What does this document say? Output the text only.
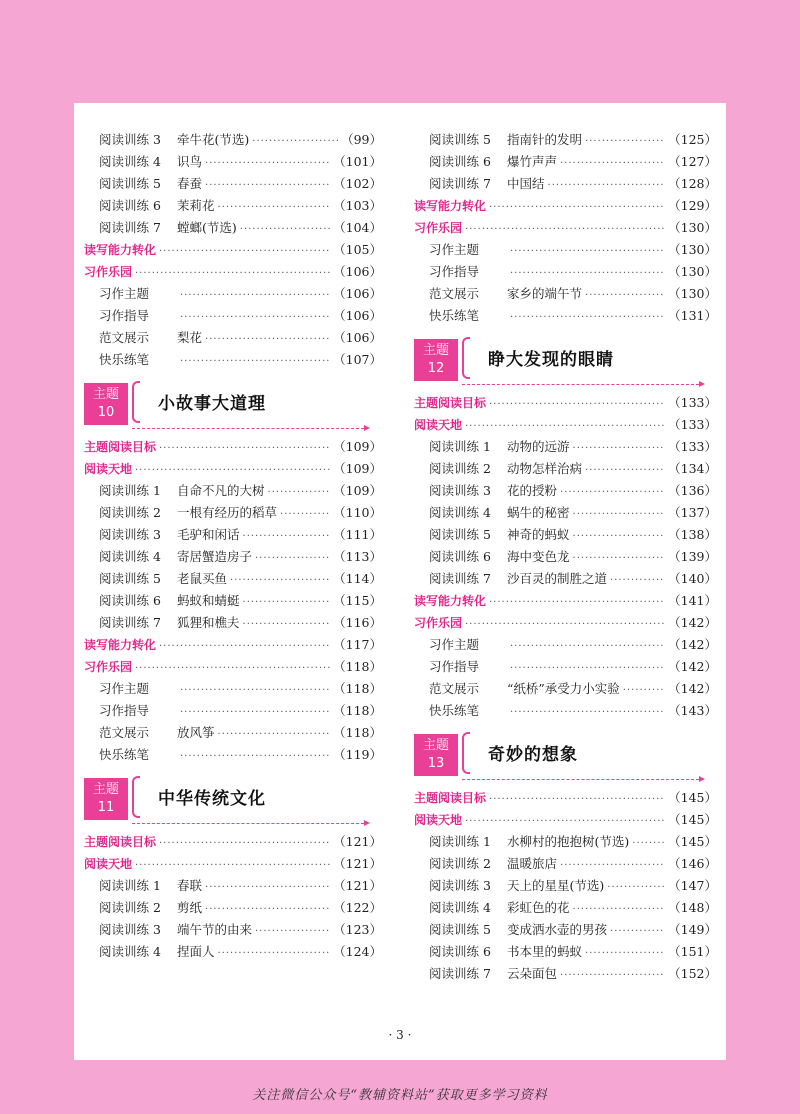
阅读训练 3	牵牛花(节选) ·····	（99）
阅读训练 4	识鸟 ·····	（101）
阅读训练 5	春蚕 ·····	（102）
阅读训练 6	茉莉花 ·····	（103）
阅读训练 7	螳螂(节选) ·····	（104）
读写能力转化 ·····	（105）
习作乐园 ·····	（106）
习作主题 ·····	（106）
习作指导 ·····	（106）
范文展示	梨花 ·····	（106）
快乐练笔 ·····	（107）
主题
10	小故事大道理
主题阅读目标 ·····	（109）
阅读天地 ·····	（109）
阅读训练 1	自命不凡的大树 ·····	（109）
阅读训练 2	一根有经历的稻草 ·····	（110）
阅读训练 3	毛驴和闲话 ·····	（111）
阅读训练 4	寄居蟹造房子 ·····	（113）
阅读训练 5	老鼠买鱼 ·····	（114）
阅读训练 6	蚂蚁和蜻蜓 ·····	（115）
阅读训练 7	狐狸和樵夫 ·····	（116）
读写能力转化 ·····	（117）
习作乐园 ·····	（118）
习作主题 ·····	（118）
习作指导 ·····	（118）
范文展示	放风筝 ·····	（118）
快乐练笔 ·····	（119）
主题
11	中华传统文化
主题阅读目标 ·····	（121）
阅读天地 ·····	（121）
阅读训练 1	春联 ·····	（121）
阅读训练 2	剪纸 ·····	（122）
阅读训练 3	端午节的由来 ·····	（123）
阅读训练 4	捏面人 ·····	（124）
阅读训练 5	指南针的发明 ·····	（125）
阅读训练 6	爆竹声声 ·····	（127）
阅读训练 7	中国结 ·····	（128）
读写能力转化 ·····	（129）
习作乐园 ·····	（130）
习作主题 ·····	（130）
习作指导 ·····	（130）
范文展示	家乡的端午节 ·····	（130）
快乐练笔 ·····	（131）
主题
12	睁大发现的眼睛
主题阅读目标 ·····	（133）
阅读天地 ·····	（133）
阅读训练 1	动物的远游 ·····	（133）
阅读训练 2	动物怎样治病 ·····	（134）
阅读训练 3	花的授粉 ·····	（136）
阅读训练 4	蜗牛的秘密 ·····	（137）
阅读训练 5	神奇的蚂蚁 ·····	（138）
阅读训练 6	海中变色龙 ·····	（139）
阅读训练 7	沙百灵的制胜之道 ·····	（140）
读写能力转化 ·····	（141）
习作乐园 ·····	（142）
习作主题 ·····	（142）
习作指导 ·····	（142）
范文展示	“纸桥”承受力小实验 ·····	（142）
快乐练笔 ·····	（143）
主题
13	奇妙的想象
主题阅读目标 ·····	（145）
阅读天地 ·····	（145）
阅读训练 1	水柳村的抱抱树(节选) ·····	（145）
阅读训练 2	温暖旅店 ·····	（146）
阅读训练 3	天上的星星(节选) ·····	（147）
阅读训练 4	彩虹色的花 ·····	（148）
阅读训练 5	变成洒水壶的男孩 ·····	（149）
阅读训练 6	书本里的蚂蚁 ·····	（151）
阅读训练 7	云朵面包 ·····	（152）
· 3 ·
关注微信公众号“教辅资料站”获取更多学习资料
